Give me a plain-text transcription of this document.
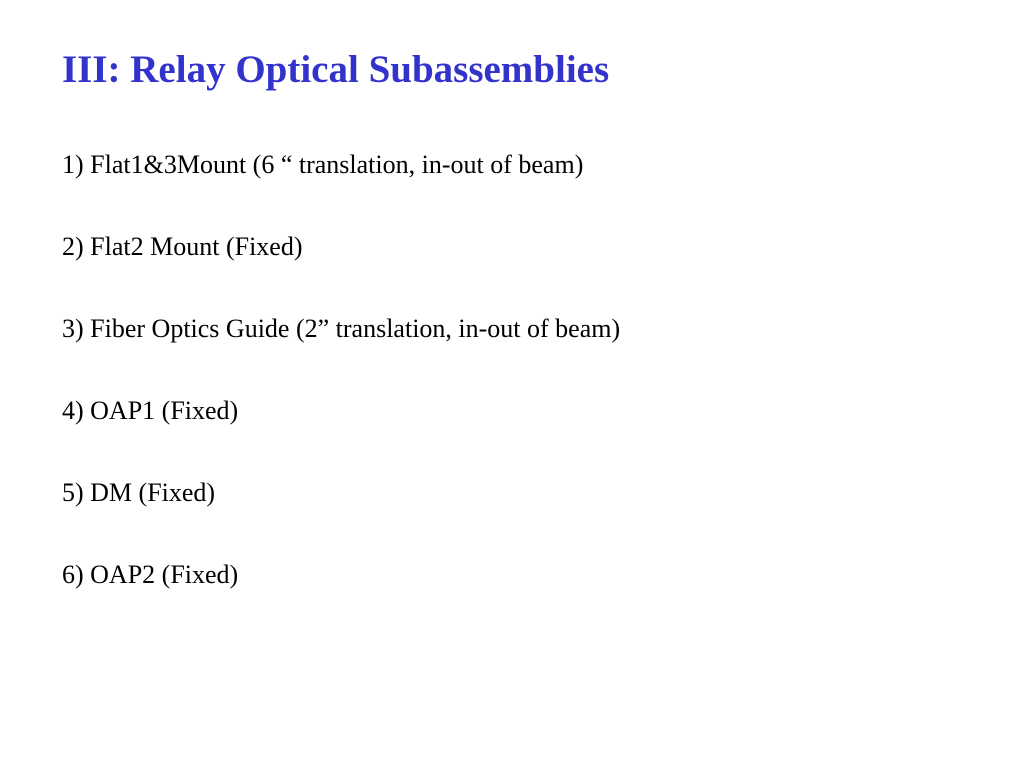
III: Relay Optical Subassemblies
1) Flat1&3Mount (6 “ translation, in-out of beam)
2) Flat2 Mount (Fixed)
3) Fiber Optics Guide (2” translation, in-out of beam)
4) OAP1 (Fixed)
5) DM (Fixed)
6) OAP2 (Fixed)
